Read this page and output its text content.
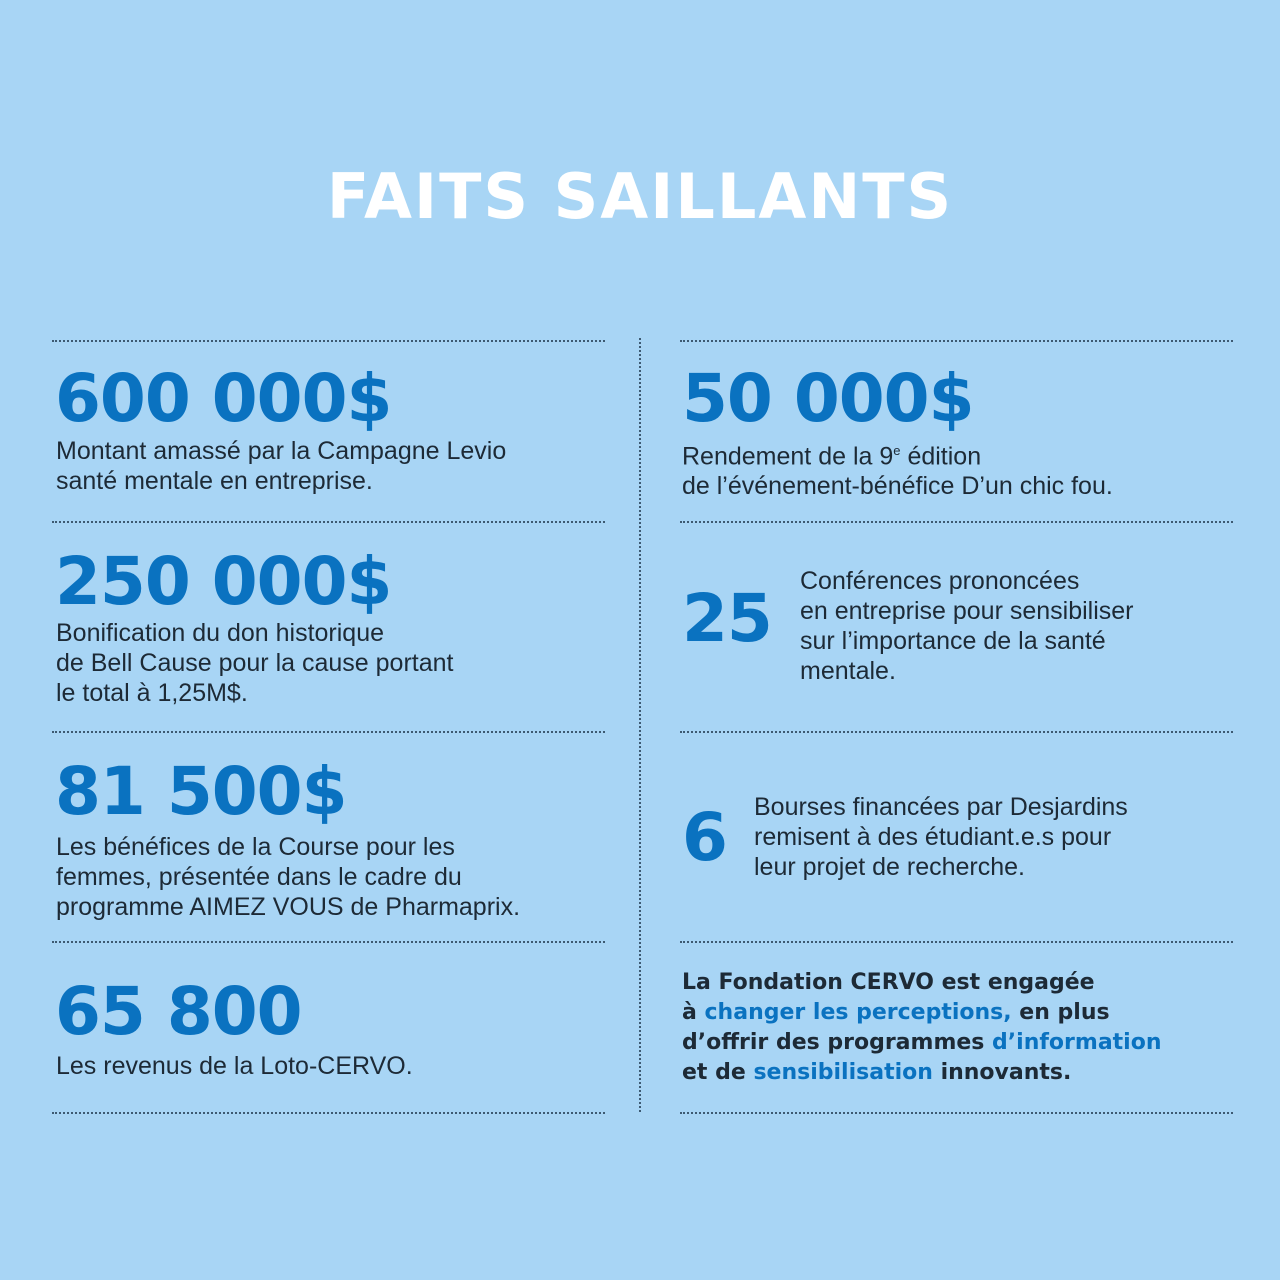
FAITS SAILLANTS

600 000$

Montant amassé par la Campagne Levio
santé mentale en entreprise.

250 000$

Bonification du don historique
de Bell Cause pour la cause portant
le total à 1,25M$.

81 500$

Les bénéfices de la Course pour les
femmes, présentée dans le cadre du
programme AIMEZ VOUS de Pharmaprix.

65 800

Les revenus de la Loto-CERVO.

50 000$

Rendement de la 9e édition
de l’événement-bénéfice D’un chic fou.

25 Conférences prononcées
en entreprise pour sensibiliser
sur l’importance de la santé
mentale.

6 Bourses financées par Desjardins
remisent à des étudiant.e.s pour
leur projet de recherche.

La Fondation CERVO est engagée
à changer les perceptions, en plus
d’offrir des programmes d’information
et de sensibilisation innovants.
